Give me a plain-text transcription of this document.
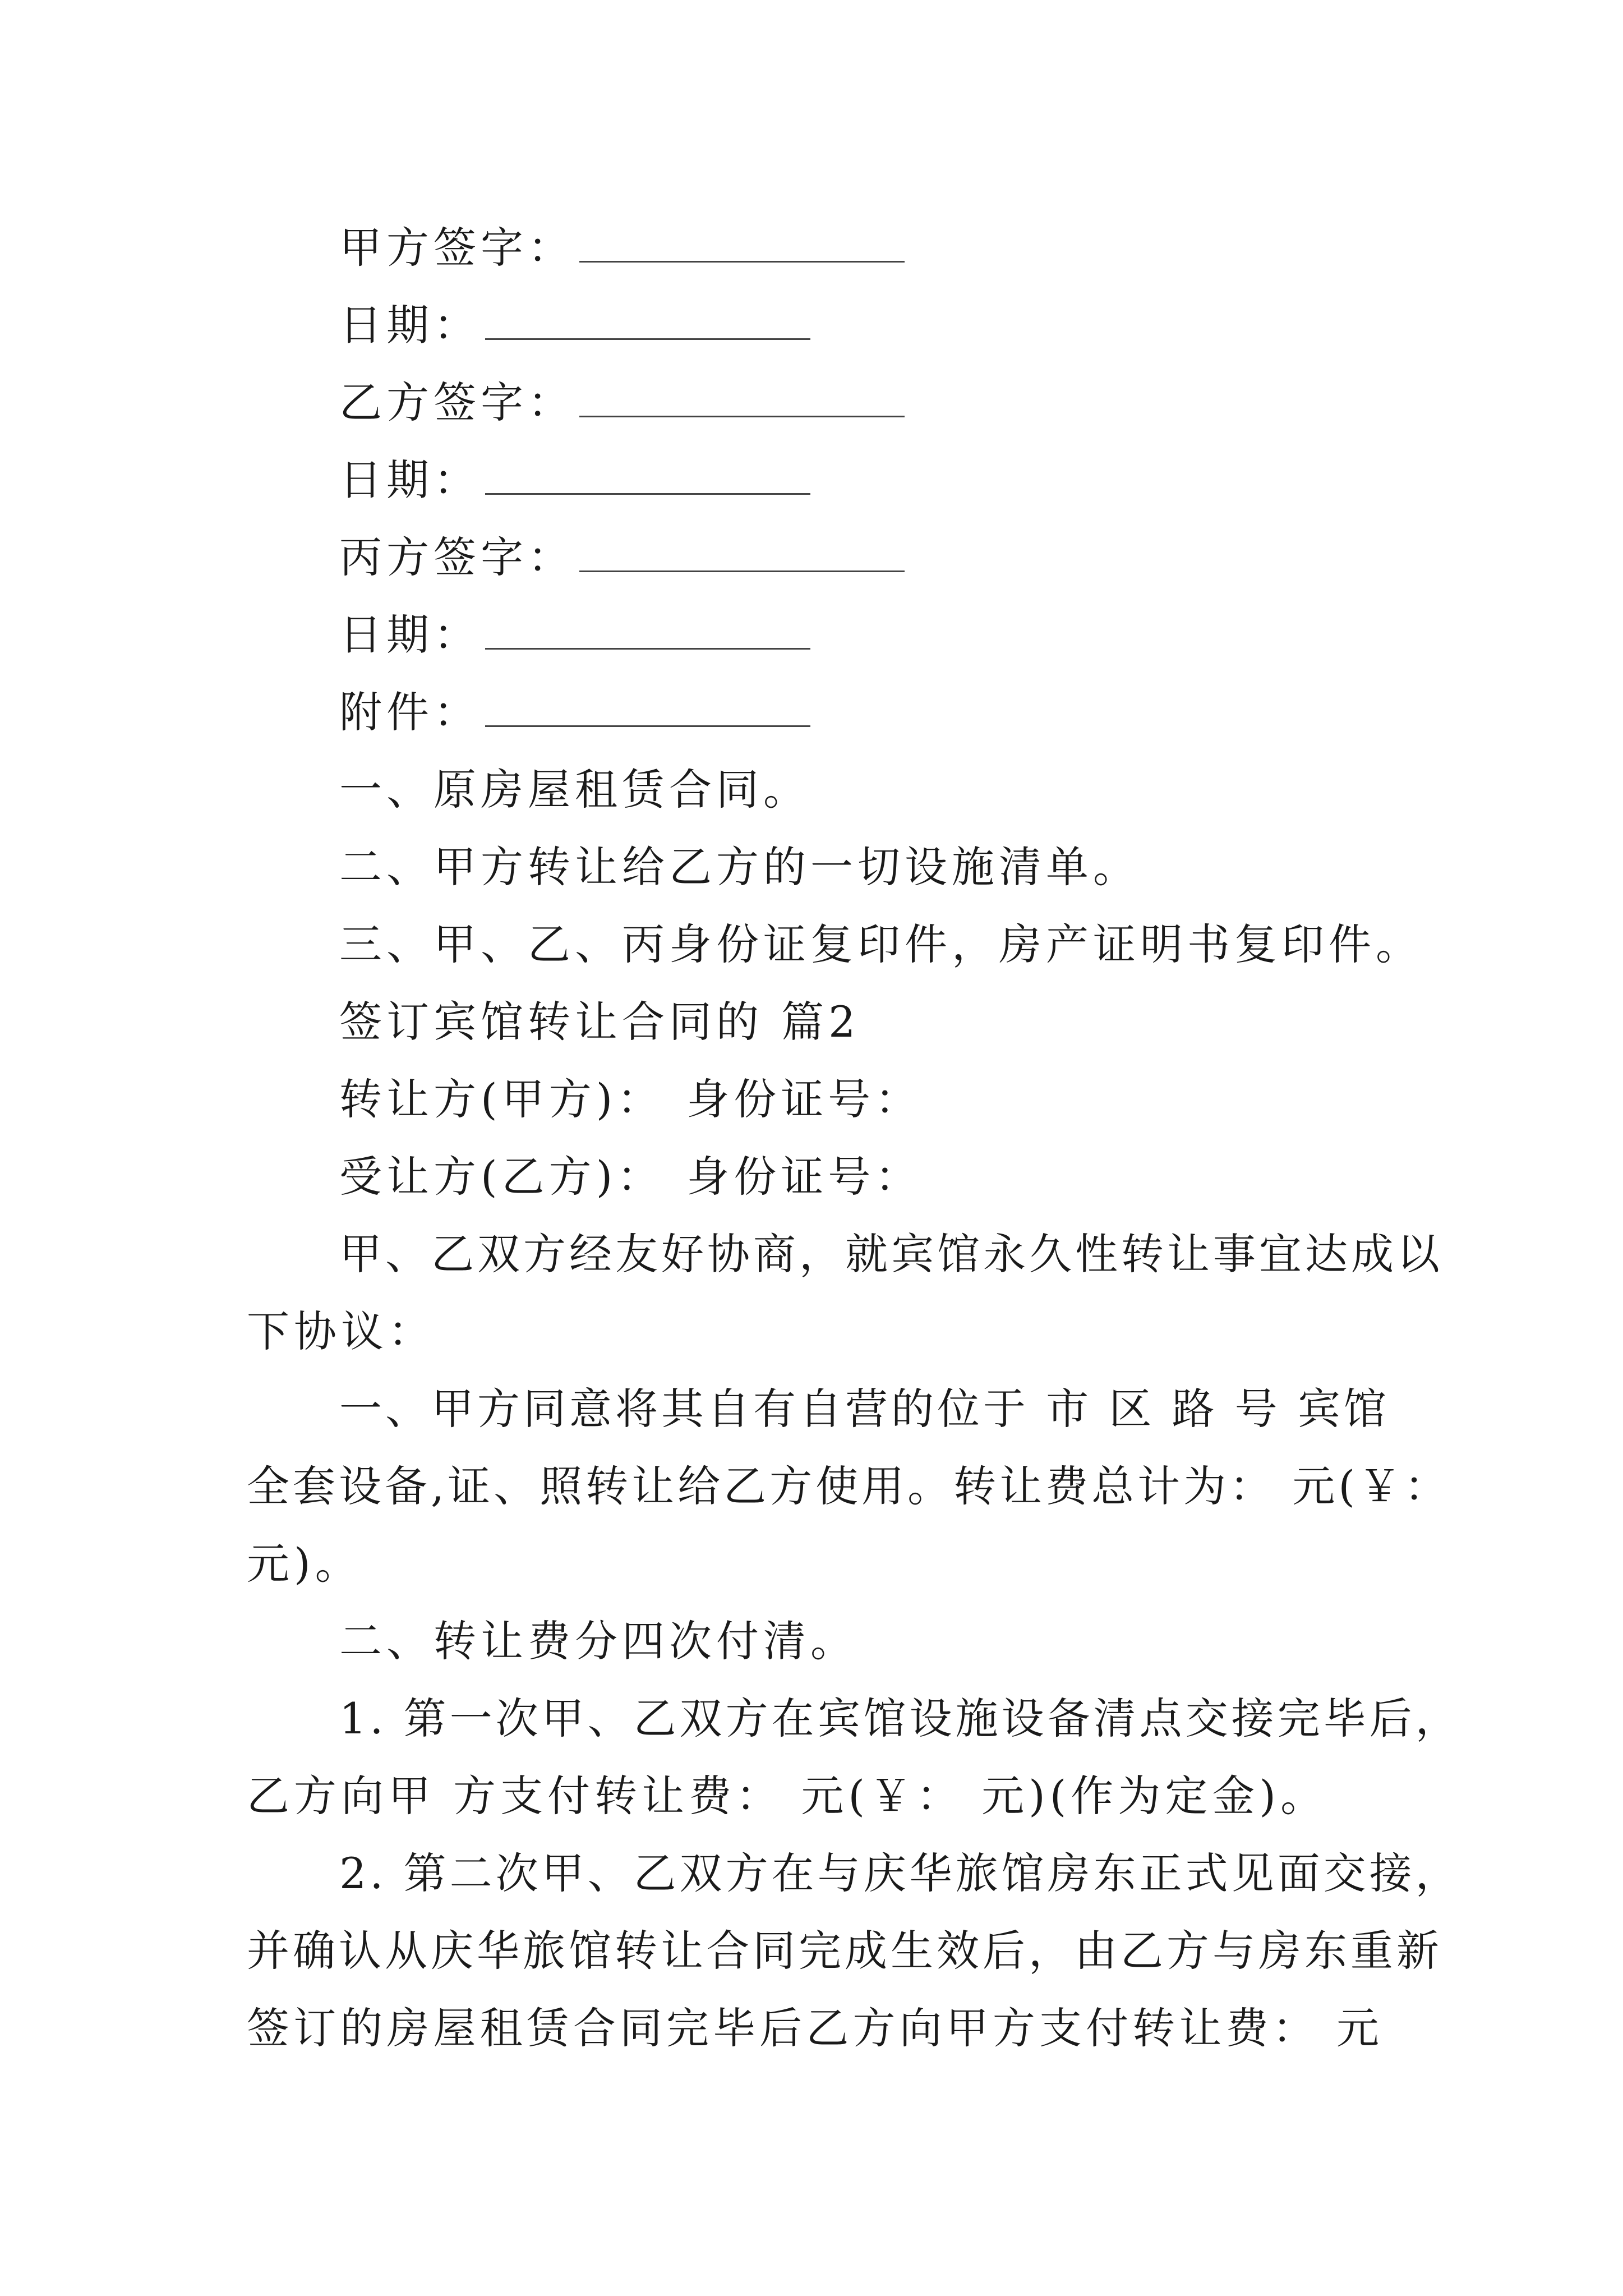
甲方签字：
日期：
乙方签字：
日期：
丙方签字：
日期：
附件：
一、原房屋租赁合同。
二、甲方转让给乙方的一切设施清单。
三、甲、乙、丙身份证复印件，房产证明书复印件。
签订宾馆转让合同的 篇2
转让方(甲方)： 身份证号：
受让方(乙方)： 身份证号：
甲、乙双方经友好协商，就宾馆永久性转让事宜达成以
下协议：
一、甲方同意将其自有自营的位于 市 区 路 号 宾馆
全套设备,证、照转让给乙方使用。转让费总计为： 元(￥：
元)。
二、转让费分四次付清。
1. 第一次甲、乙双方在宾馆设施设备清点交接完毕后，
乙方向甲 方支付转让费： 元(￥： 元)(作为定金)。
2. 第二次甲、乙双方在与庆华旅馆房东正式见面交接，
并确认从庆华旅馆转让合同完成生效后，由乙方与房东重新
签订的房屋租赁合同完毕后乙方向甲方支付转让费： 元
